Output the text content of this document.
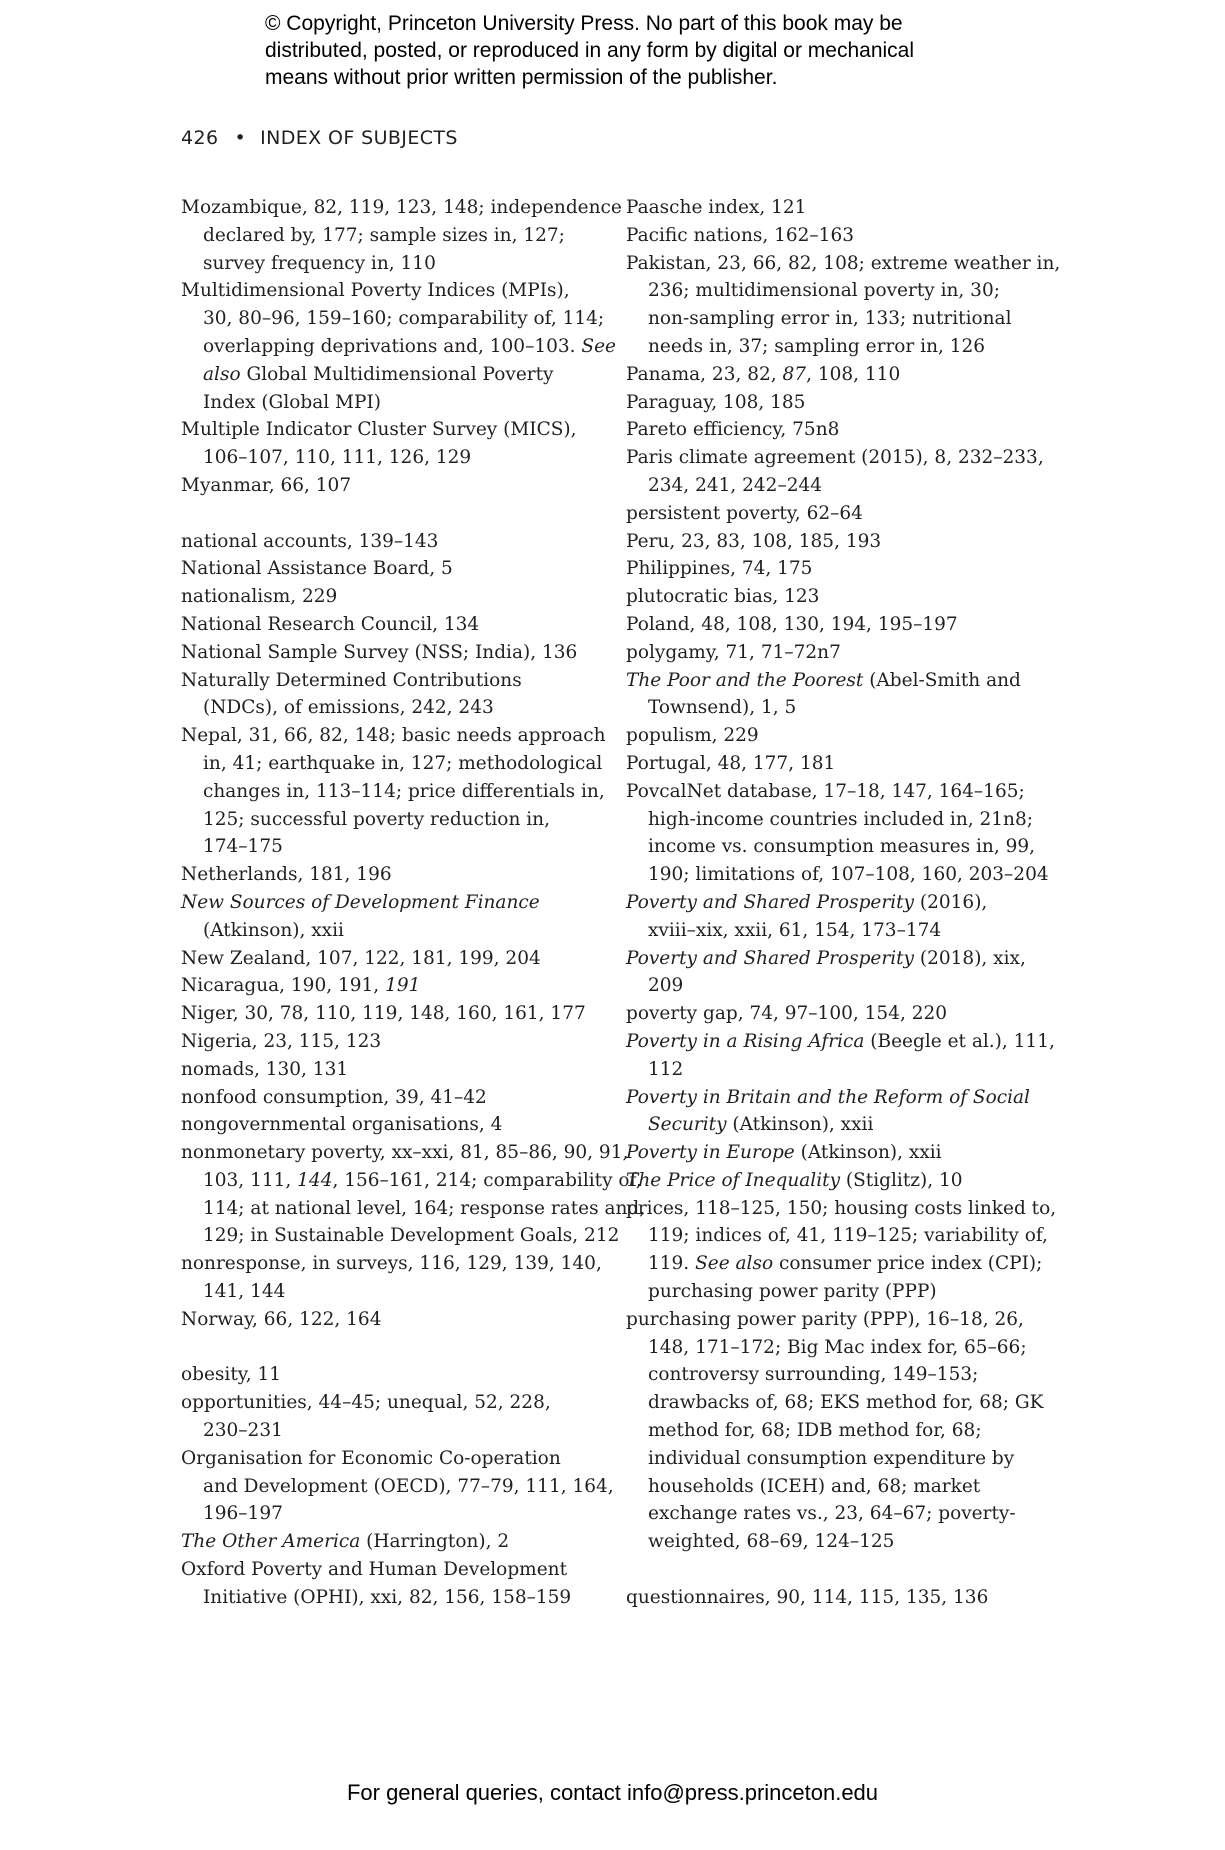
© Copyright, Princeton University Press. No part of this book may be
distributed, posted, or reproduced in any form by digital or mechanical
means without prior written permission of the publisher.
426 • INDEX OF SUBJECTS
Mozambique, 82, 119, 123, 148; independence
declared by, 177; sample sizes in, 127;
survey frequency in, 110
Multidimensional Poverty Indices (MPIs),
30, 80–96, 159–160; comparability of, 114;
overlapping deprivations and, 100–103. See
also Global Multidimensional Poverty
Index (Global MPI)
Multiple Indicator Cluster Survey (MICS),
106–107, 110, 111, 126, 129
Myanmar, 66, 107
national accounts, 139–143
National Assistance Board, 5
nationalism, 229
National Research Council, 134
National Sample Survey (NSS; India), 136
Naturally Determined Contributions
(NDCs), of emissions, 242, 243
Nepal, 31, 66, 82, 148; basic needs approach
in, 41; earthquake in, 127; methodological
changes in, 113–114; price differentials in,
125; successful poverty reduction in,
174–175
Netherlands, 181, 196
New Sources of Development Finance
(Atkinson), xxii
New Zealand, 107, 122, 181, 199, 204
Nicaragua, 190, 191, 191
Niger, 30, 78, 110, 119, 148, 160, 161, 177
Nigeria, 23, 115, 123
nomads, 130, 131
nonfood consumption, 39, 41–42
nongovernmental organisations, 4
nonmonetary poverty, xx–xxi, 81, 85–86, 90, 91,
103, 111, 144, 156–161, 214; comparability of,
114; at national level, 164; response rates and,
129; in Sustainable Development Goals, 212
nonresponse, in surveys, 116, 129, 139, 140,
141, 144
Norway, 66, 122, 164
obesity, 11
opportunities, 44–45; unequal, 52, 228,
230–231
Organisation for Economic Co-operation
and Development (OECD), 77–79, 111, 164,
196–197
The Other America (Harrington), 2
Oxford Poverty and Human Development
Initiative (OPHI), xxi, 82, 156, 158–159
Paasche index, 121
Pacific nations, 162–163
Pakistan, 23, 66, 82, 108; extreme weather in,
236; multidimensional poverty in, 30;
non-sampling error in, 133; nutritional
needs in, 37; sampling error in, 126
Panama, 23, 82, 87, 108, 110
Paraguay, 108, 185
Pareto efficiency, 75n8
Paris climate agreement (2015), 8, 232–233,
234, 241, 242–244
persistent poverty, 62–64
Peru, 23, 83, 108, 185, 193
Philippines, 74, 175
plutocratic bias, 123
Poland, 48, 108, 130, 194, 195–197
polygamy, 71, 71–72n7
The Poor and the Poorest (Abel-Smith and
Townsend), 1, 5
populism, 229
Portugal, 48, 177, 181
PovcalNet database, 17–18, 147, 164–165;
high-income countries included in, 21n8;
income vs. consumption measures in, 99,
190; limitations of, 107–108, 160, 203–204
Poverty and Shared Prosperity (2016),
xviii–xix, xxii, 61, 154, 173–174
Poverty and Shared Prosperity (2018), xix,
209
poverty gap, 74, 97–100, 154, 220
Poverty in a Rising Africa (Beegle et al.), 111,
112
Poverty in Britain and the Reform of Social
Security (Atkinson), xxii
Poverty in Europe (Atkinson), xxii
The Price of Inequality (Stiglitz), 10
prices, 118–125, 150; housing costs linked to,
119; indices of, 41, 119–125; variability of,
119. See also consumer price index (CPI);
purchasing power parity (PPP)
purchasing power parity (PPP), 16–18, 26,
148, 171–172; Big Mac index for, 65–66;
controversy surrounding, 149–153;
drawbacks of, 68; EKS method for, 68; GK
method for, 68; IDB method for, 68;
individual consumption expenditure by
households (ICEH) and, 68; market
exchange rates vs., 23, 64–67; poverty-
weighted, 68–69, 124–125
questionnaires, 90, 114, 115, 135, 136
For general queries, contact info@press.princeton.edu
